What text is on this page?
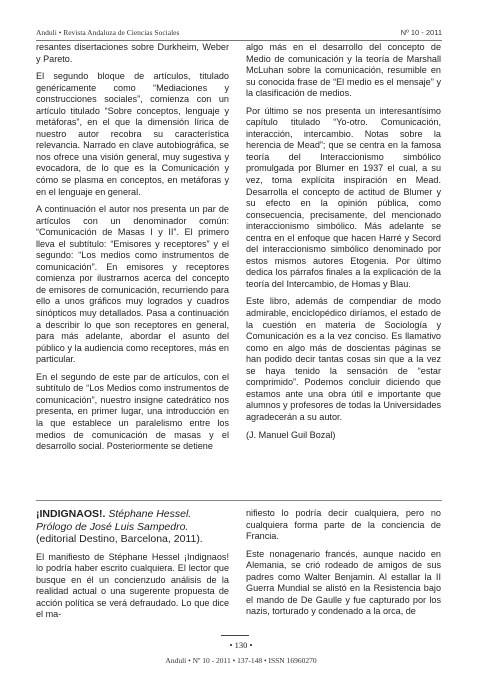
Anduli • Revista Andaluza de Ciencias Sociales	Nº 10 - 2011

resantes disertaciones sobre Durkheim, Weber y Pareto.

El segundo bloque de artículos, titulado genéricamente como “Mediaciones y construcciones sociales”, comienza con un artículo titulado “Sobre conceptos, lenguaje y metáforas”, en el que la dimensión lírica de nuestro autor recobra su característica relevancia. Narrado en clave autobiográfica, se nos ofrece una visión general, muy sugestiva y evocadora, de lo que es la Comunicación y cómo se plasma en conceptos, en metáforas y en el lenguaje en general.

A continuación el autor nos presenta un par de artículos con un denominador común: “Comunicación de Masas I y II”. El primero lleva el subtítulo: “Emisores y receptores” y el segundo: “Los medios como instrumentos de comunicación”. En emisores y receptores comienza por ilustrarnos acerca del concepto de emisores de comunicación, recurriendo para ello a unos gráficos muy logrados y cuadros sinópticos muy detallados. Pasa a continuación a describir lo que son receptores en general, para más adelante, abordar el asunto del público y la audiencia como receptores, más en particular.

En el segundo de este par de artículos, con el subtítulo de “Los Medios como instrumentos de comunicación”, nuestro insigne catedrático nos presenta, en primer lugar, una introducción en la que establece un paralelismo entre los medios de comunicación de masas y el desarrollo social. Posteriormente se detiene

algo más en el desarrollo del concepto de Medio de comunicación y la teoría de Marshall McLuhan sobre la comunicación, resumible en su conocida frase de “El medio es el mensaje” y la clasificación de medios.

Por último se nos presenta un interesantísimo capítulo titulado “Yo-otro. Comunicación, interacción, intercambio. Notas sobre la herencia de Mead”; que se centra en la famosa teoría del Interaccionismo simbólico promulgada por Blumer en 1937 el cual, a su vez, toma explícita inspiración en Mead. Desarrolla el concepto de actitud de Blumer y su efecto en la opinión pública, como consecuencia, precisamente, del mencionado interaccionismo simbólico. Más adelante se centra en el enfoque que hacen Harré y Secord del interaccionismo simbólico denominado por estos mismos autores Etogenia. Por último dedica los párrafos finales a la explicación de la teoría del Intercambio, de Homas y Blau.

Este libro, además de compendiar de modo admirable, enciclopédico diríamos, el estado de la cuestión en materia de Sociología y Comunicación es a la vez conciso. Es llamativo como en algo más de doscientas páginas se han podido decir tantas cosas sin que a la vez se haya tenido la sensación de “estar comprimido”. Podemos concluir diciendo que estamos ante una obra útil e importante que alumnos y profesores de todas la Universidades agradecerán a su autor.

(J. Manuel Guil Bozal)

¡INDIGNAOS!. Stéphane Hessel. Prólogo de José Luis Sampedro. (editorial Destino, Barcelona, 2011).

El manifiesto de Stéphane Hessel ¡Indignaos! lo podría haber escrito cualquiera. El lector que busque en él un concienzudo análisis de la realidad actual o una sugerente propuesta de acción política se verá defraudado. Lo que dice el ma-

nifiesto lo podría decir cualquiera, pero no cualquiera forma parte de la conciencia de Francia.

Este nonagenario francés, aunque nacido en Alemania, se crió rodeado de amigos de sus padres como Walter Benjamin. Al estallar la II Guerra Mundial se alistó en la Resistencia bajo el mando de De Gaulle y fue capturado por los nazis, torturado y condenado a la orca, de

• 130 •
Anduli • Nº 10 - 2011 • 137-148 • ISSN 16960270
